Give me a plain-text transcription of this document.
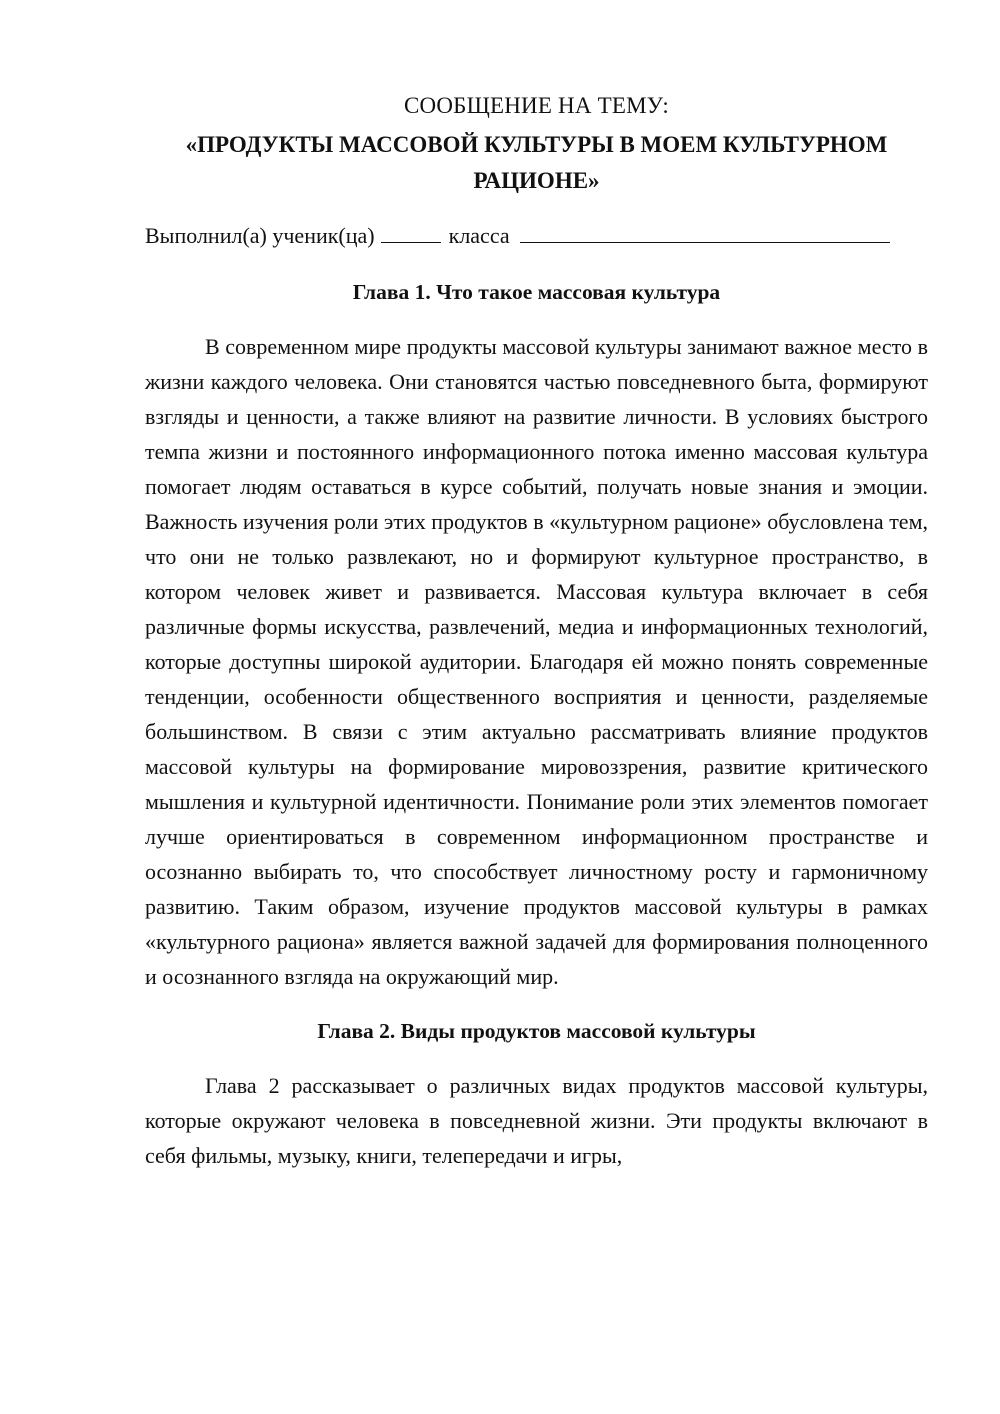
СООБЩЕНИЕ НА ТЕМУ:

«ПРОДУКТЫ МАССОВОЙ КУЛЬТУРЫ В МОЕМ КУЛЬТУРНОМ РАЦИОНЕ»

Выполнил(а) ученик(ца)	класса

Глава 1. Что такое массовая культура

В современном мире продукты массовой культуры занимают важное место в жизни каждого человека. Они становятся частью повседневного быта, формируют взгляды и ценности, а также влияют на развитие личности. В условиях быстрого темпа жизни и постоянного информационного потока именно массовая культура помогает людям оставаться в курсе событий, получать новые знания и эмоции. Важность изучения роли этих продуктов в «культурном рационе» обусловлена тем, что они не только развлекают, но и формируют культурное пространство, в котором человек живет и развивается. Массовая культура включает в себя различные формы искусства, развлечений, медиа и информационных технологий, которые доступны широкой аудитории. Благодаря ей можно понять современные тенденции, особенности общественного восприятия и ценности, разделяемые большинством. В связи с этим актуально рассматривать влияние продуктов массовой культуры на формирование мировоззрения, развитие критического мышления и культурной идентичности. Понимание роли этих элементов помогает лучше ориентироваться в современном информационном пространстве и осознанно выбирать то, что способствует личностному росту и гармоничному развитию. Таким образом, изучение продуктов массовой культуры в рамках «культурного рациона» является важной задачей для формирования полноценного и осознанного взгляда на окружающий мир.

Глава 2. Виды продуктов массовой культуры

Глава 2 рассказывает о различных видах продуктов массовой культуры, которые окружают человека в повседневной жизни. Эти продукты включают в себя фильмы, музыку, книги, телепередачи и игры,
